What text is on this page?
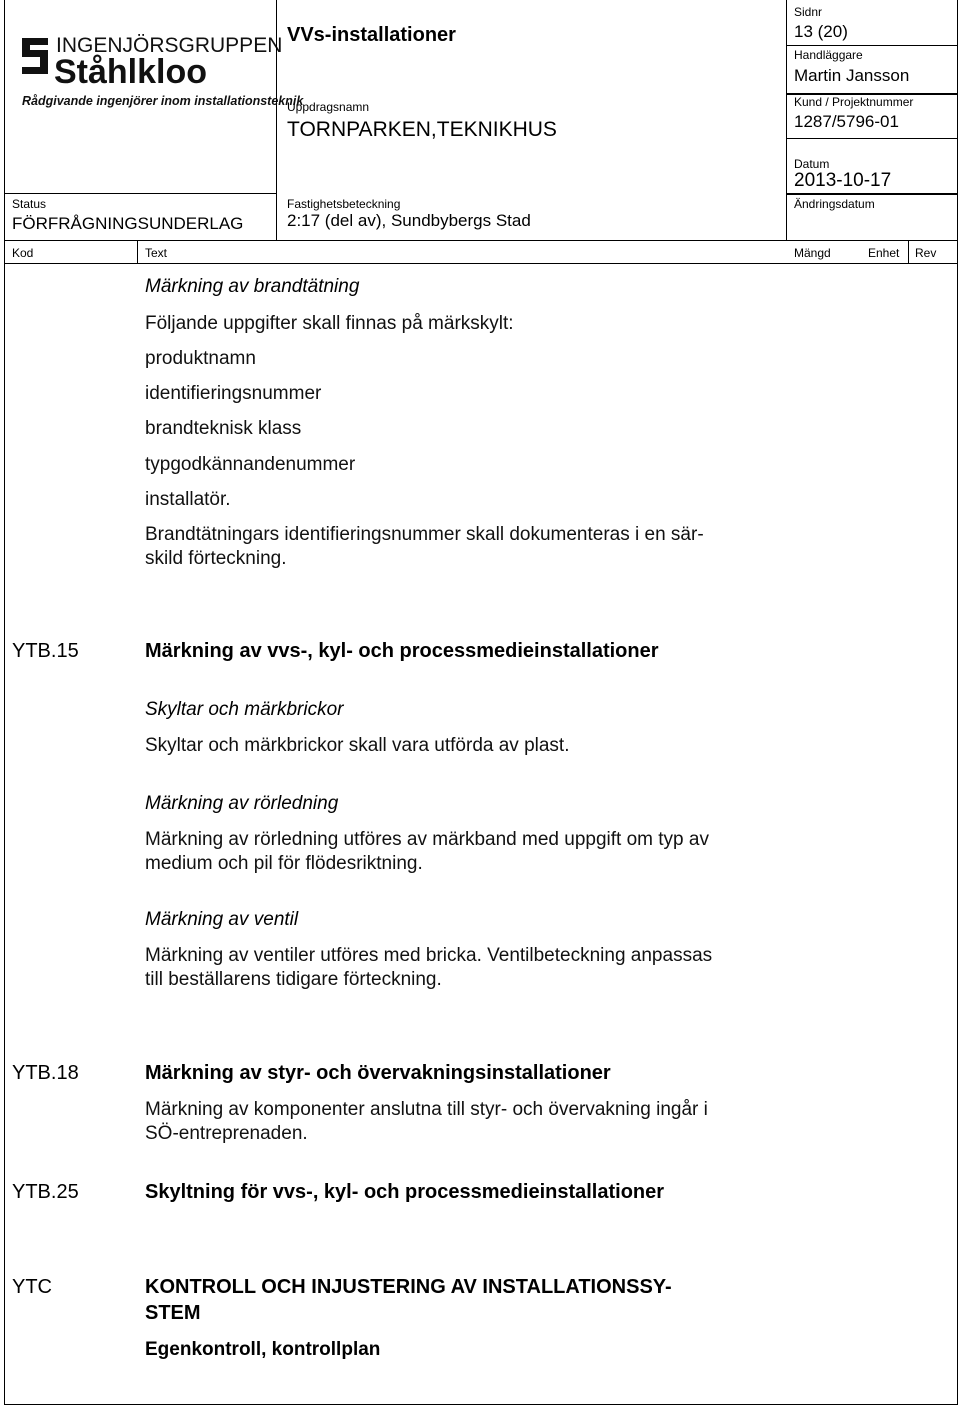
INGENJÖRSGRUPPEN
Ståhlkloo
Rådgivande ingenjörer inom installationsteknik
VVs-installationer
Uppdragsnamn
TORNPARKEN,TEKNIKHUS
Sidnr
13 (20)
Handläggare
Martin Jansson
Kund / Projektnummer
1287/5796-01
Datum
2013-10-17
Status
FÖRFRÅGNINGSUNDERLAG
Fastighetsbeteckning
2:17 (del av), Sundbybergs Stad
Ändringsdatum
Kod	Text	Mängd	Enhet Rev
Märkning av brandtätning
Följande uppgifter skall finnas på märkskylt:
produktnamn
identifieringsnummer
brandteknisk klass
typgodkännandenummer
installatör.
Brandtätningars identifieringsnummer skall dokumenteras i en sär-
skild förteckning.
YTB.15	Märkning av vvs-, kyl- och processmedieinstallationer
Skyltar och märkbrickor
Skyltar och märkbrickor skall vara utförda av plast.
Märkning av rörledning
Märkning av rörledning utföres av märkband med uppgift om typ av
medium och pil för flödesriktning.
Märkning av ventil
Märkning av ventiler utföres med bricka. Ventilbeteckning anpassas
till beställarens tidigare förteckning.
YTB.18	Märkning av styr- och övervakningsinstallationer
Märkning av komponenter anslutna till styr- och övervakning ingår i
SÖ-entreprenaden.
YTB.25	Skyltning för vvs-, kyl- och processmedieinstallationer
YTC	KONTROLL OCH INJUSTERING AV INSTALLATIONSSY-
STEM
Egenkontroll, kontrollplan
